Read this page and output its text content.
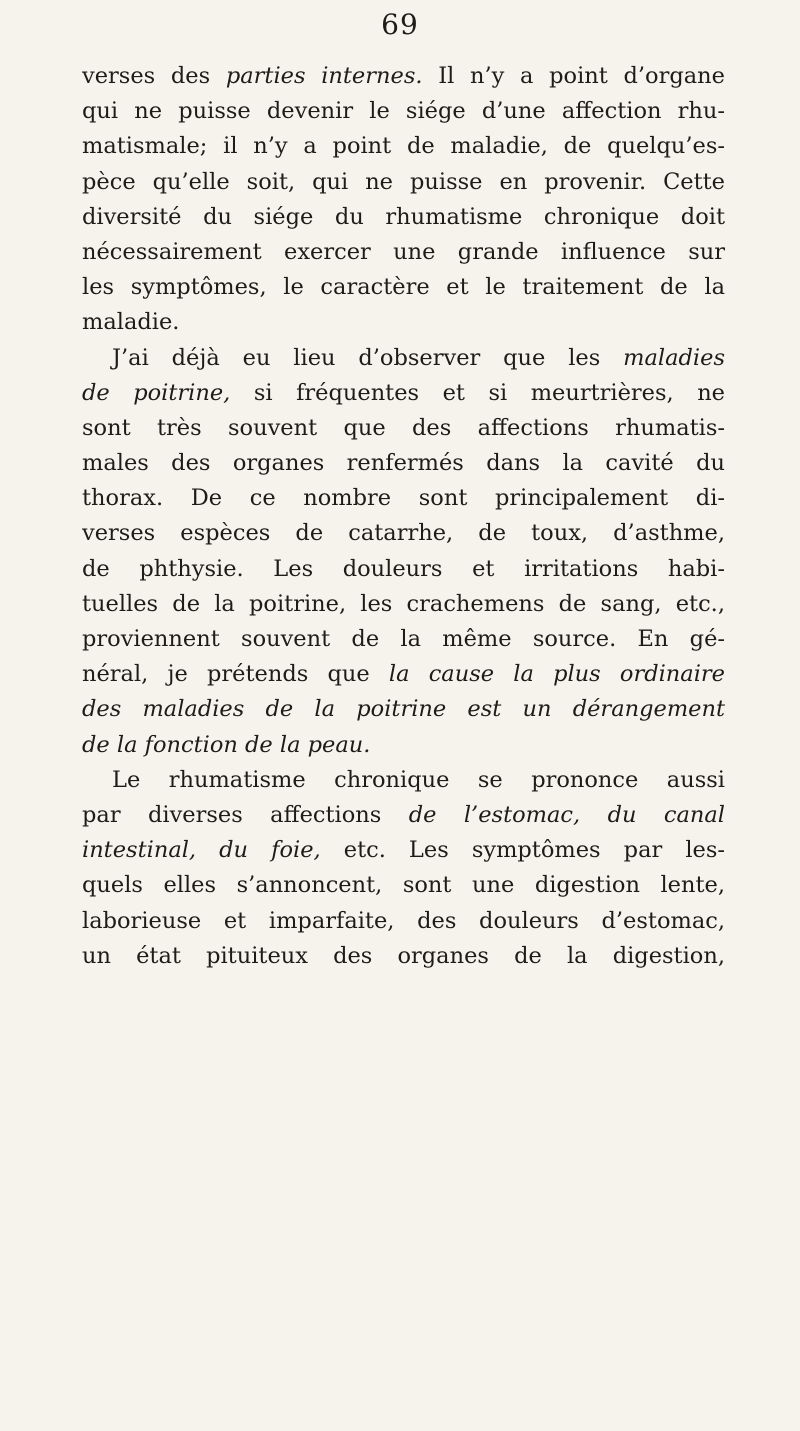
69
verses des parties internes. Il n’y a point d’organe
qui ne puisse devenir le siége d’une affection rhu-
matismale; il n’y a point de maladie, de quelqu’es-
pèce qu’elle soit, qui ne puisse en provenir. Cette
diversité du siége du rhumatisme chronique doit
nécessairement exercer une grande influence sur
les symptômes, le caractère et le traitement de la
maladie.
J’ai déjà eu lieu d’observer que les maladies
de poitrine, si fréquentes et si meurtrières, ne
sont très souvent que des affections rhumatis-
males des organes renfermés dans la cavité du
thorax. De ce nombre sont principalement di-
verses espèces de catarrhe, de toux, d’asthme,
de phthysie. Les douleurs et irritations habi-
tuelles de la poitrine, les crachemens de sang, etc.,
proviennent souvent de la même source. En gé-
néral, je prétends que la cause la plus ordinaire
des maladies de la poitrine est un dérangement
de la fonction de la peau.
Le rhumatisme chronique se prononce aussi
par diverses affections de l’estomac, du canal
intestinal, du foie, etc. Les symptômes par les-
quels elles s’annoncent, sont une digestion lente,
laborieuse et imparfaite, des douleurs d’estomac,
un état pituiteux des organes de la digestion,
